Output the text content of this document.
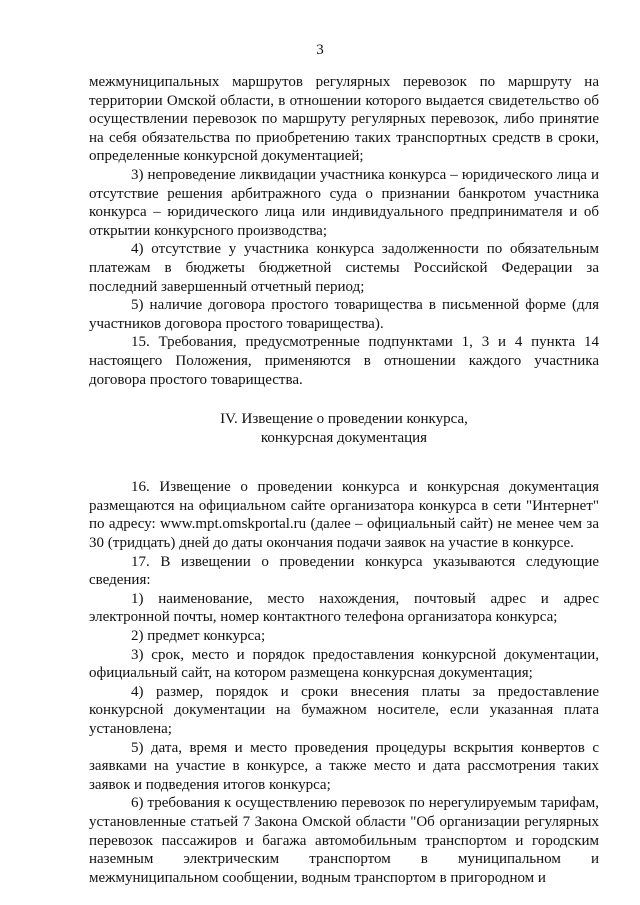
3

межмуниципальных маршрутов регулярных перевозок по маршруту на территории Омской области, в отношении которого выдается свидетельство об осуществлении перевозок по маршруту регулярных перевозок, либо принятие на себя обязательства по приобретению таких транспортных средств в сроки, определенные конкурсной документацией;

3) непроведение ликвидации участника конкурса – юридического лица и отсутствие решения арбитражного суда о признании банкротом участника конкурса – юридического лица или индивидуального предпринимателя и об открытии конкурсного производства;

4) отсутствие у участника конкурса задолженности по обязательным платежам в бюджеты бюджетной системы Российской Федерации за последний завершенный отчетный период;

5) наличие договора простого товарищества в письменной форме (для участников договора простого товарищества).

15. Требования, предусмотренные подпунктами 1, 3 и 4 пункта 14 настоящего Положения, применяются в отношении каждого участника договора простого товарищества.

IV. Извещение о проведении конкурса,
конкурсная документация

16. Извещение о проведении конкурса и конкурсная документация размещаются на официальном сайте организатора конкурса в сети "Интернет" по адресу: www.mpt.omskportal.ru (далее – официальный сайт) не менее чем за 30 (тридцать) дней до даты окончания подачи заявок на участие в конкурсе.

17. В извещении о проведении конкурса указываются следующие сведения:

1) наименование, место нахождения, почтовый адрес и адрес электронной почты, номер контактного телефона организатора конкурса;

2) предмет конкурса;

3) срок, место и порядок предоставления конкурсной документации, официальный сайт, на котором размещена конкурсная документация;

4) размер, порядок и сроки внесения платы за предоставление конкурсной документации на бумажном носителе, если указанная плата установлена;

5) дата, время и место проведения процедуры вскрытия конвертов с заявками на участие в конкурсе, а также место и дата рассмотрения таких заявок и подведения итогов конкурса;

6) требования к осуществлению перевозок по нерегулируемым тарифам, установленные статьей 7 Закона Омской области "Об организации регулярных перевозок пассажиров и багажа автомобильным транспортом и городским наземным электрическим транспортом в муниципальном и межмуниципальном сообщении, водным транспортом в пригородном и
